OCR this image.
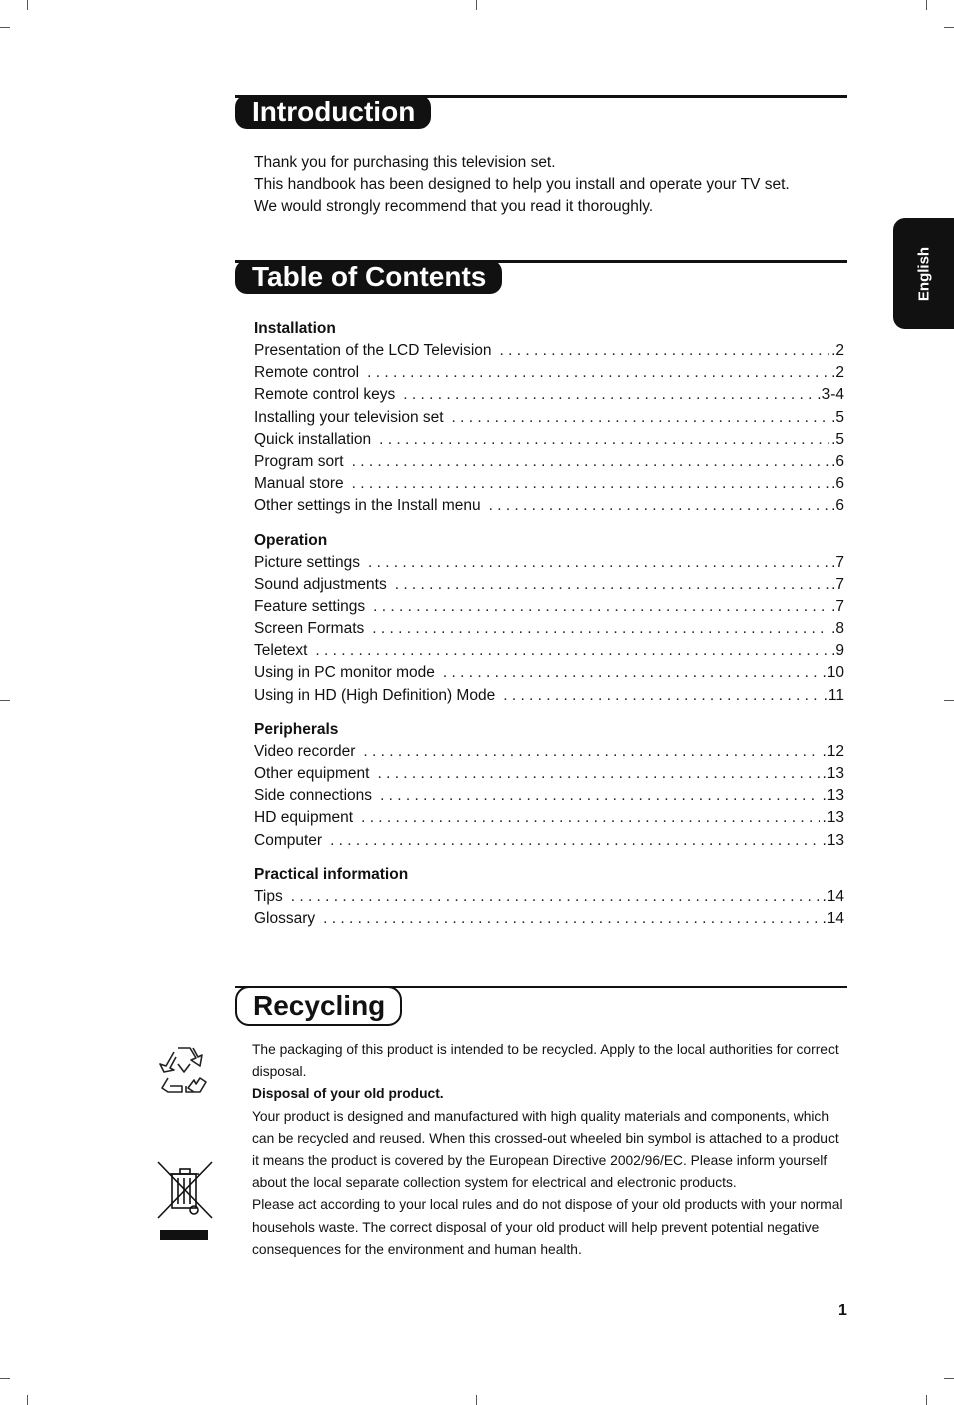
English
Introduction
Thank you for purchasing this television set.
This handbook has been designed to help you install and operate your TV set.
We would strongly recommend that you read it thoroughly.
Table of Contents
Installation
Presentation of the LCD Television . . .	.2
Remote control . . .	.2
Remote control keys . . .	.3-4
Installing your television set . . .	.5
Quick installation . . .	.5
Program sort . . .	.6
Manual store . . .	.6
Other settings in the Install menu . . .	.6
Operation
Picture settings . . .	.7
Sound adjustments . . .	.7
Feature settings . . .	.7
Screen Formats . . .	.8
Teletext . . .	.9
Using in PC monitor mode . . .	.10
Using in HD (High Definition) Mode . . .	.11
Peripherals
Video recorder . . .	.12
Other equipment . . .	.13
Side connections . . .	.13
HD equipment . . .	.13
Computer . . .	.13
Practical information
Tips . . .	.14
Glossary . . .	.14
Recycling

The packaging of this product is intended to be recycled. Apply to the local authorities for correct disposal.

Disposal of your old product.

Your product is designed and manufactured with high quality materials and components, which can be recycled and reused. When this crossed-out wheeled bin symbol is attached to a product it means the product is covered by the European Directive 2002/96/EC. Please inform yourself about the local separate collection system for electrical and electronic products.

Please act according to your local rules and do not dispose of your old products with your normal househols waste. The correct disposal of your old product will help prevent potential negative consequences for the environment and human health.

1
